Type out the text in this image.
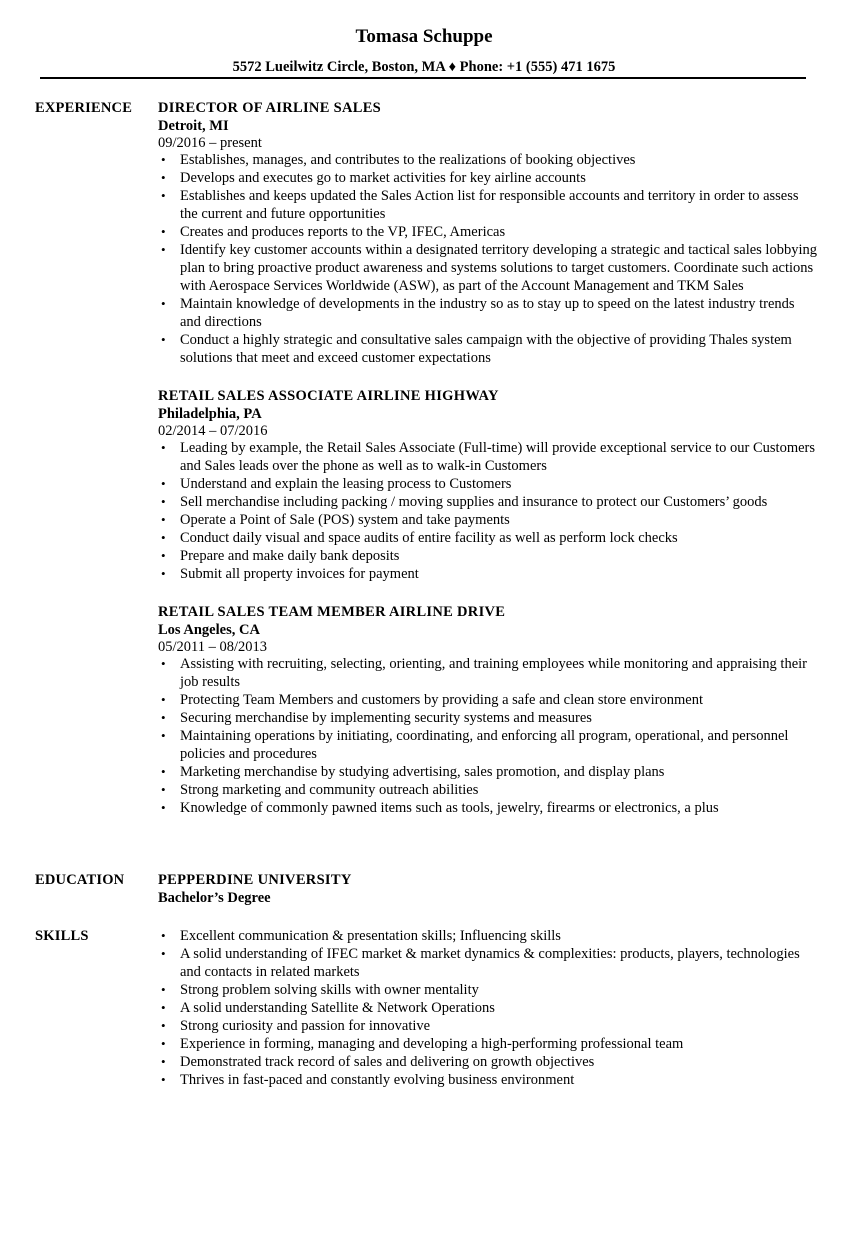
Tomasa Schuppe
5572 Lueilwitz Circle, Boston, MA ♦ Phone: +1 (555) 471 1675
EXPERIENCE DIRECTOR OF AIRLINE SALES
Detroit, MI
09/2016 – present
• Establishes, manages, and contributes to the realizations of booking objectives
• Develops and executes go to market activities for key airline accounts
• Establishes and keeps updated the Sales Action list for responsible accounts and territory in order to assess the current and future opportunities
• Creates and produces reports to the VP, IFEC, Americas
• Identify key customer accounts within a designated territory developing a strategic and tactical sales lobbying plan to bring proactive product awareness and systems solutions to target customers. Coordinate such actions with Aerospace Services Worldwide (ASW), as part of the Account Management and TKM Sales
• Maintain knowledge of developments in the industry so as to stay up to speed on the latest industry trends and directions
• Conduct a highly strategic and consultative sales campaign with the objective of providing Thales system solutions that meet and exceed customer expectations
RETAIL SALES ASSOCIATE AIRLINE HIGHWAY
Philadelphia, PA
02/2014 – 07/2016
• Leading by example, the Retail Sales Associate (Full-time) will provide exceptional service to our Customers and Sales leads over the phone as well as to walk-in Customers
• Understand and explain the leasing process to Customers
• Sell merchandise including packing / moving supplies and insurance to protect our Customers’ goods
• Operate a Point of Sale (POS) system and take payments
• Conduct daily visual and space audits of entire facility as well as perform lock checks
• Prepare and make daily bank deposits
• Submit all property invoices for payment
RETAIL SALES TEAM MEMBER AIRLINE DRIVE
Los Angeles, CA
05/2011 – 08/2013
• Assisting with recruiting, selecting, orienting, and training employees while monitoring and appraising their job results
• Protecting Team Members and customers by providing a safe and clean store environment
• Securing merchandise by implementing security systems and measures
• Maintaining operations by initiating, coordinating, and enforcing all program, operational, and personnel policies and procedures
• Marketing merchandise by studying advertising, sales promotion, and display plans
• Strong marketing and community outreach abilities
• Knowledge of commonly pawned items such as tools, jewelry, firearms or electronics, a plus
EDUCATION PEPPERDINE UNIVERSITY
Bachelor’s Degree
SKILLS
•	Excellent communication & presentation skills; Influencing skills
• A solid understanding of IFEC market & market dynamics & complexities: products, players, technologies and contacts in related markets
• Strong problem solving skills with owner mentality
• A solid understanding Satellite & Network Operations
• Strong curiosity and passion for innovative
• Experience in forming, managing and developing a high-performing professional team
• Demonstrated track record of sales and delivering on growth objectives
• Thrives in fast-paced and constantly evolving business environment
